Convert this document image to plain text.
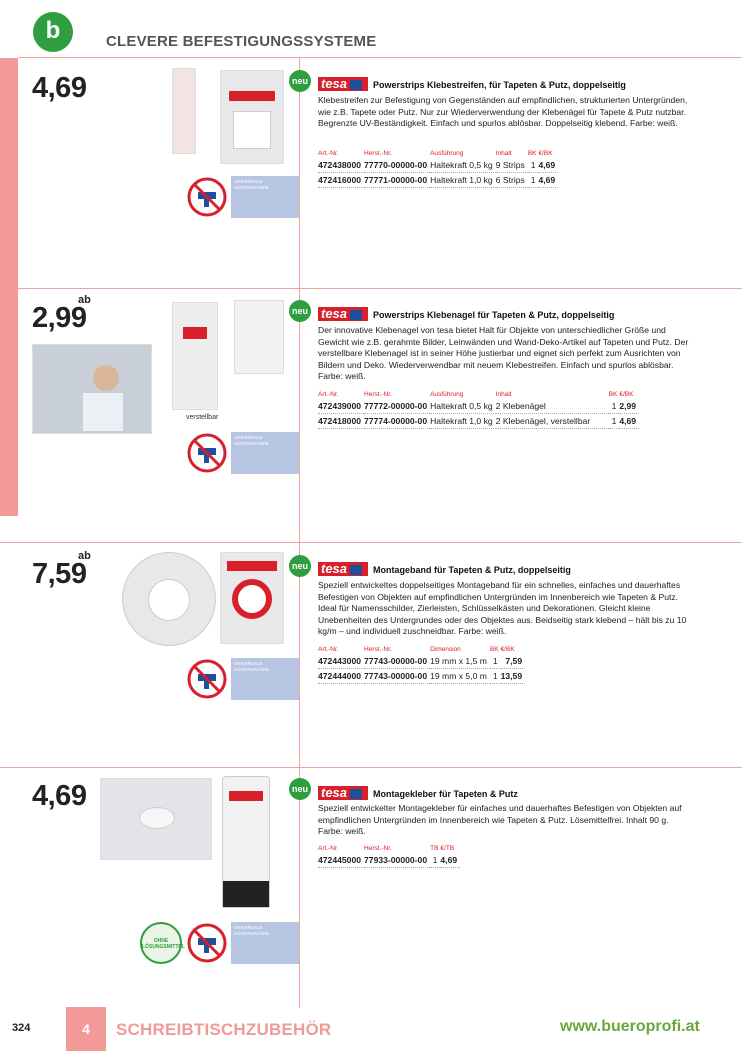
b	CLEVERE BEFESTIGUNGSSYSTEME
4,69
UNIVERSALE UNTERGRÜNDE
neu tesa	Powerstrips Klebestreifen, für Tapeten & Putz, doppelseitig
Klebestreifen zur Befestigung von Gegenständen auf empfindlichen, strukturierten Untergründen, wie z.B. Tapete oder Putz. Nur zur Wiederverwendung der Klebenägel für Tapete & Putz nutzbar. Begrenzte UV-Beständigkeit. Einfach und spurlos ablösbar. Doppelseitig klebend. Farbe: weiß.
Art.-Nr.	Herst.-Nr.	Ausführung	Inhalt	BK	€/BK
472438000	77770-00000-00	Haltekraft 0,5 kg	9 Strips	1	4,69
472416000	77771-00000-00	Haltekraft 1,0 kg	6 Strips	1	4,69
ab
2,99
verstellbar
UNIVERSALE UNTERGRÜNDE
neu tesa	Powerstrips Klebenagel für Tapeten & Putz, doppelseitig
Der innovative Klebenagel von tesa bietet Halt für Objekte von unterschiedlicher Größe und Gewicht wie z.B. gerahmte Bilder, Leinwänden und Wand-Deko-Artikel auf Tapeten und Putz. Der verstellbare Klebenagel ist in seiner Höhe justierbar und eignet sich perfekt zum Ausrichten von Bildern und Deko. Wiederverwendbar mit neuem Klebestreifen. Einfach und spurlos ablösbar. Farbe: weiß.
Art.-Nr.	Herst.-Nr.	Ausführung	Inhalt	BK	€/BK
472439000	77772-00000-00	Haltekraft 0,5 kg	2 Klebenägel	1	2,99
472418000	77774-00000-00	Haltekraft 1,0 kg	2 Klebenägel, verstellbar	1	4,69
ab
7,59
UNIVERSALE UNTERGRÜNDE
neu tesa	Montageband für Tapeten & Putz, doppelseitig
Speziell entwickeltes doppelseitiges Montageband für ein schnelles, einfaches und dauerhaftes Befestigen von Objekten auf empfindlichen Untergründen im Innenbereich wie Tapeten & Putz. Ideal für Namensschilder, Zierleisten, Schlüsselkästen und Dekorationen. Gleicht kleine Unebenheiten des Untergrundes oder des Objektes aus. Beidseitig stark klebend – hält bis zu 10 kg/m – und individuell zuschneidbar. Farbe: weiß.
Art.-Nr.	Herst.-Nr.	Dimension	BK	€/BK
472443000	77743-00000-00	19 mm x 1,5 m	1	7,59
472444000	77743-00000-00	19 mm x 5,0 m	1	13,59
4,69
OHNE LÖSUNGSMITTEL
UNIVERSALE UNTERGRÜNDE
neu tesa	Montagekleber für Tapeten & Putz
Speziell entwickelter Montagekleber für einfaches und dauerhaftes Befestigen von Objekten auf empfindlichen Untergründen im Innenbereich wie Tapeten & Putz. Lösemittelfrei. Inhalt 90 g. Farbe: weiß.
Art.-Nr.	Herst.-Nr.	TB	€/TB
472445000	77933-00000-00	1	4,69
324	4	SCHREIBTISCHZUBEHÖR	www.bueroprofi.at
